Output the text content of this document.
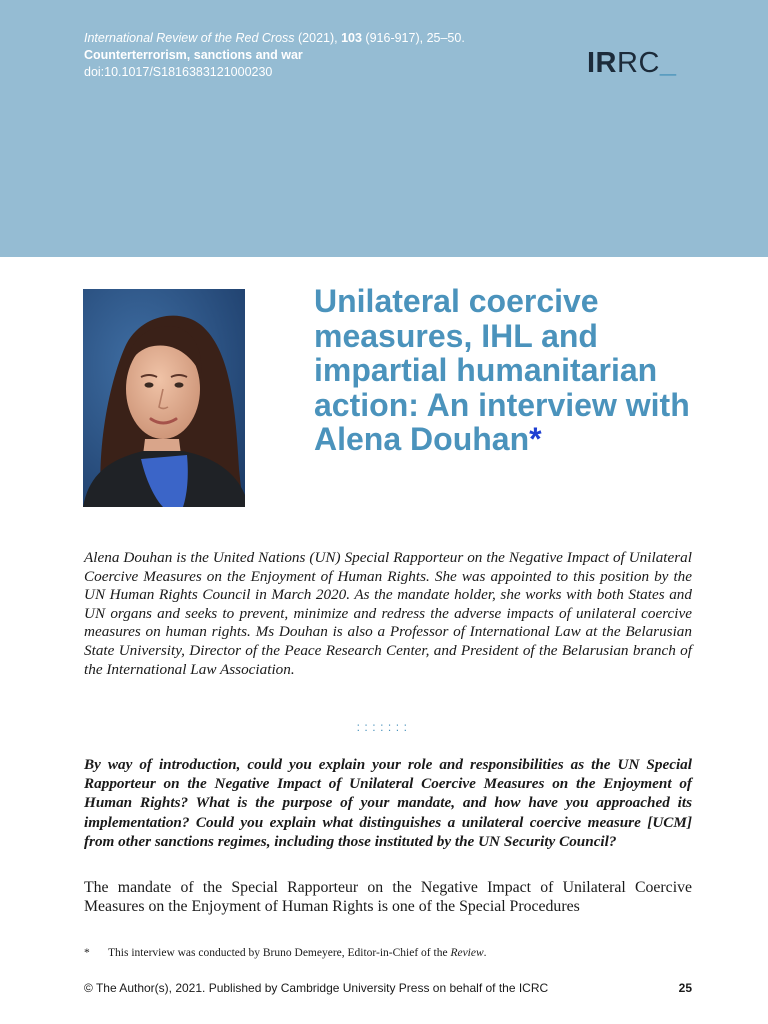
International Review of the Red Cross (2021), 103 (916-917), 25–50.
Counterterrorism, sanctions and war
doi:10.1017/S1816383121000230	IRRC_
Unilateral coercive measures, IHL and impartial humanitarian action: An interview with Alena Douhan*

Alena Douhan is the United Nations (UN) Special Rapporteur on the Negative Impact of Unilateral Coercive Measures on the Enjoyment of Human Rights. She was appointed to this position by the UN Human Rights Council in March 2020. As the mandate holder, she works with both States and UN organs and seeks to prevent, minimize and redress the adverse impacts of unilateral coercive measures on human rights. Ms Douhan is also a Professor of International Law at the Belarusian State University, Director of the Peace Research Center, and President of the Belarusian branch of the International Law Association.

:::::::

By way of introduction, could you explain your role and responsibilities as the UN Special Rapporteur on the Negative Impact of Unilateral Coercive Measures on the Enjoyment of Human Rights? What is the purpose of your mandate, and how have you approached its implementation? Could you explain what distinguishes a unilateral coercive measure [UCM] from other sanctions regimes, including those instituted by the UN Security Council?

The mandate of the Special Rapporteur on the Negative Impact of Unilateral Coercive Measures on the Enjoyment of Human Rights is one of the Special Procedures

* This interview was conducted by Bruno Demeyere, Editor-in-Chief of the Review.
© The Author(s), 2021. Published by Cambridge University Press on behalf of the ICRC	25
